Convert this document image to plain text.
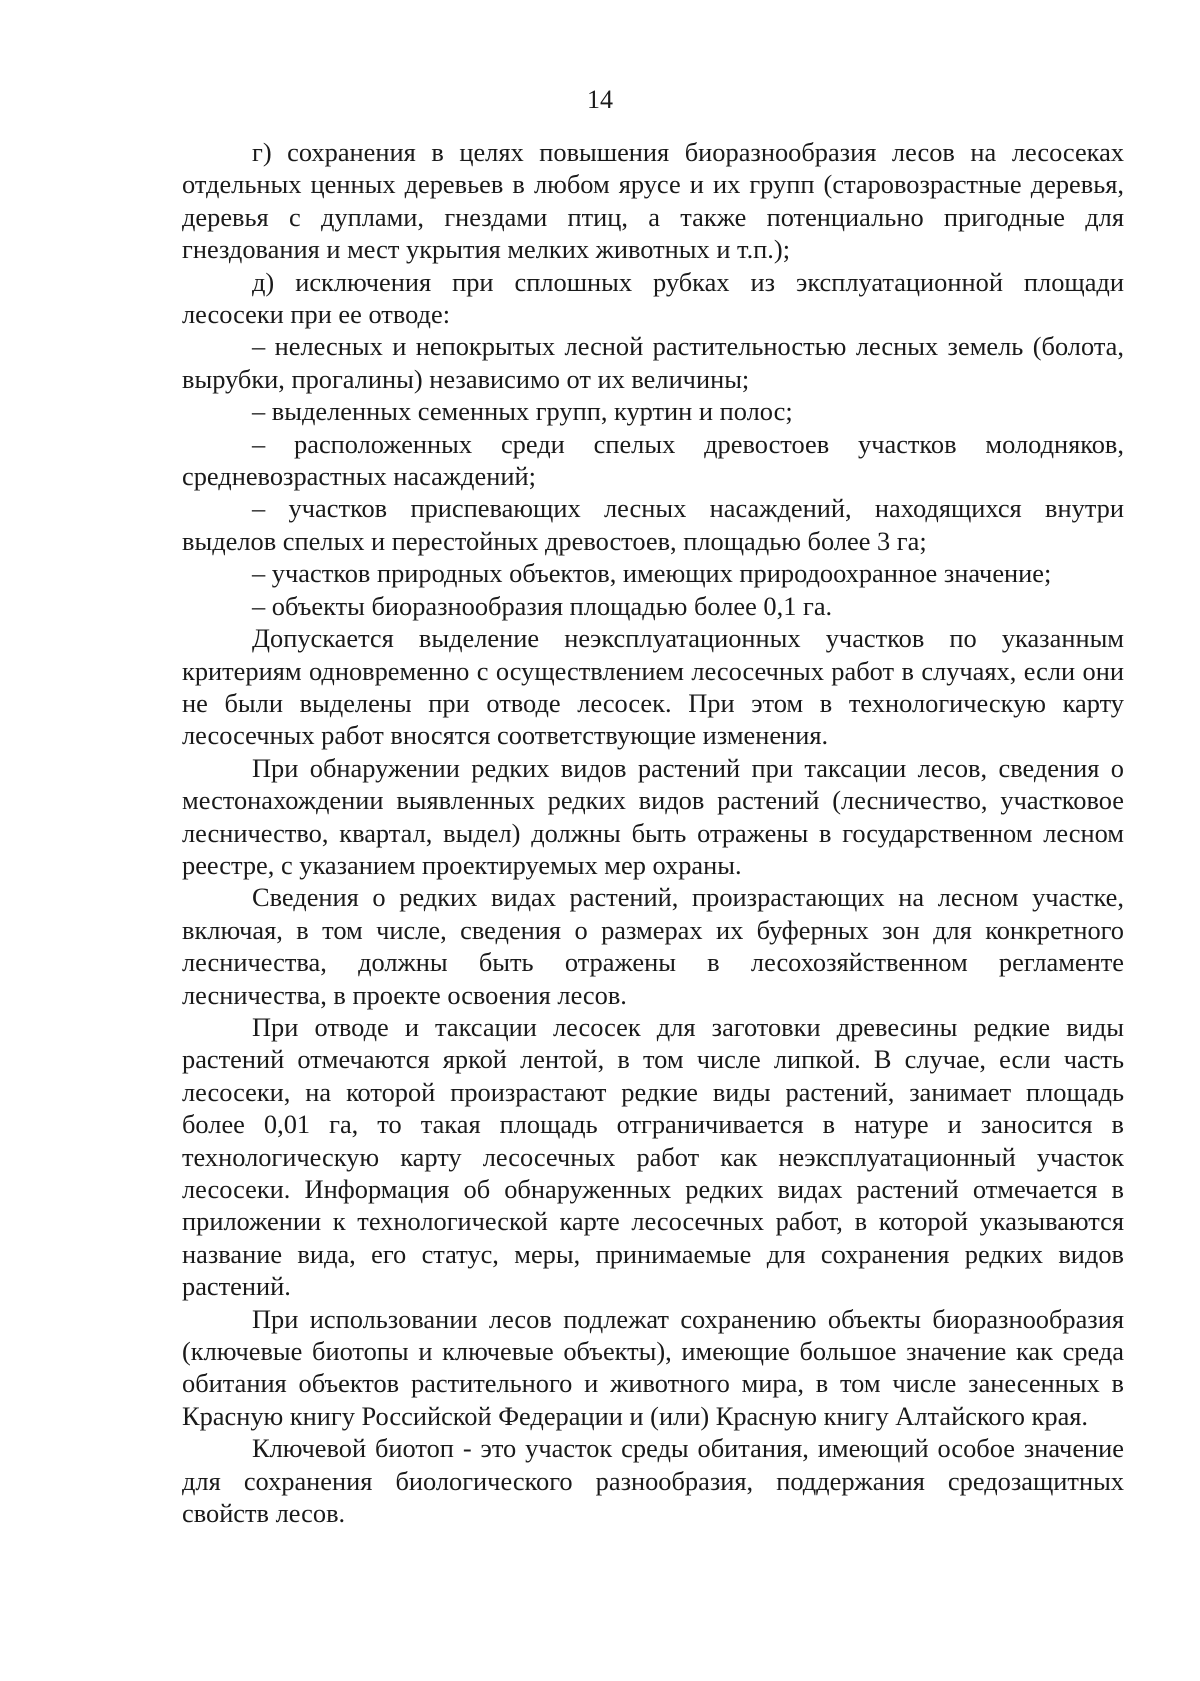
14

г) сохранения в целях повышения биоразнообразия лесов на лесосеках отдельных ценных деревьев в любом ярусе и их групп (старовозрастные деревья, деревья с дуплами, гнездами птиц, а также потенциально пригодные для гнездования и мест укрытия мелких животных и т.п.);

д) исключения при сплошных рубках из эксплуатационной площади лесосеки при ее отводе:

– нелесных и непокрытых лесной растительностью лесных земель (болота, вырубки, прогалины) независимо от их величины;

– выделенных семенных групп, куртин и полос;

– расположенных среди спелых древостоев участков молодняков, средневозрастных насаждений;

– участков приспевающих лесных насаждений, находящихся внутри выделов спелых и перестойных древостоев, площадью более 3 га;

– участков природных объектов, имеющих природоохранное значение;

– объекты биоразнообразия площадью более 0,1 га.

Допускается выделение неэксплуатационных участков по указанным критериям одновременно с осуществлением лесосечных работ в случаях, если они не были выделены при отводе лесосек. При этом в технологическую карту лесосечных работ вносятся соответствующие изменения.

При обнаружении редких видов растений при таксации лесов, сведения о местонахождении выявленных редких видов растений (лесничество, участковое лесничество, квартал, выдел) должны быть отражены в государственном лесном реестре, с указанием проектируемых мер охраны.

Сведения о редких видах растений, произрастающих на лесном участке, включая, в том числе, сведения о размерах их буферных зон для конкретного лесничества, должны быть отражены в лесохозяйственном регламенте лесничества, в проекте освоения лесов.

При отводе и таксации лесосек для заготовки древесины редкие виды растений отмечаются яркой лентой, в том числе липкой. В случае, если часть лесосеки, на которой произрастают редкие виды растений, занимает площадь более 0,01 га, то такая площадь отграничивается в натуре и заносится в технологическую карту лесосечных работ как неэксплуатационный участок лесосеки. Информация об обнаруженных редких видах растений отмечается в приложении к технологической карте лесосечных работ, в которой указываются название вида, его статус, меры, принимаемые для сохранения редких видов растений.

При использовании лесов подлежат сохранению объекты биоразнообразия (ключевые биотопы и ключевые объекты), имеющие большое значение как среда обитания объектов растительного и животного мира, в том числе занесенных в Красную книгу Российской Федерации и (или) Красную книгу Алтайского края.

Ключевой биотоп - это участок среды обитания, имеющий особое значение для сохранения биологического разнообразия, поддержания средозащитных свойств лесов.
